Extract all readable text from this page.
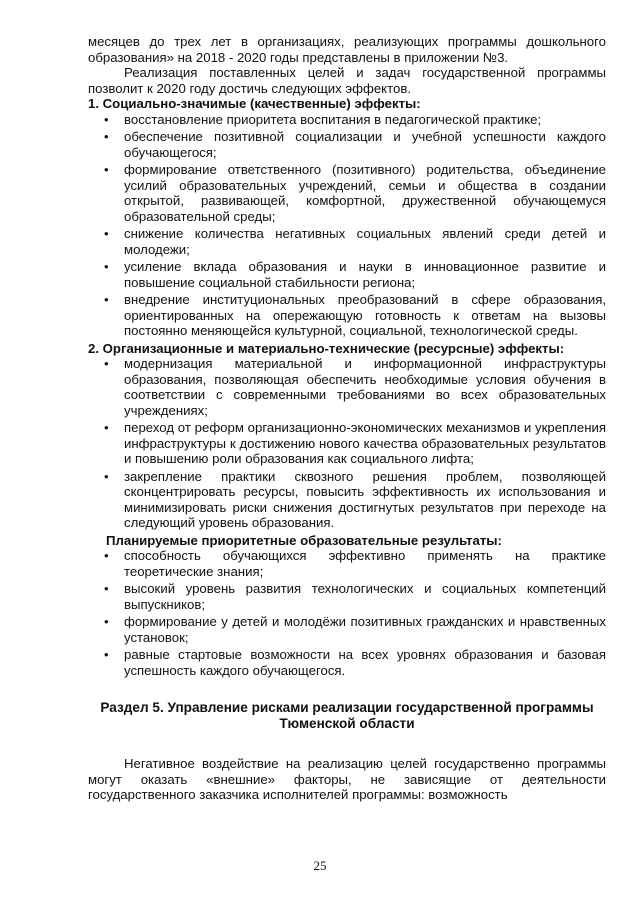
месяцев до трех лет в организациях, реализующих программы дошкольного образования» на 2018 - 2020 годы представлены в приложении №3.

Реализация поставленных целей и задач государственной программы позволит к 2020 году достичь следующих эффектов.

1. Социально-значимые (качественные) эффекты:

• восстановление приоритета воспитания в педагогической практике;
• обеспечение позитивной социализации и учебной успешности каждого обучающегося;
• формирование ответственного (позитивного) родительства, объединение усилий образовательных учреждений, семьи и общества в создании открытой, развивающей, комфортной, дружественной обучающемуся образовательной среды;
• снижение количества негативных социальных явлений среди детей и молодежи;
• усиление вклада образования и науки в инновационное развитие и повышение социальной стабильности региона;
• внедрение институциональных преобразований в сфере образования, ориентированных на опережающую готовность к ответам на вызовы постоянно меняющейся культурной, социальной, технологической среды.

2. Организационные и материально-технические (ресурсные) эффекты:

• модернизация материальной и информационной инфраструктуры образования, позволяющая обеспечить необходимые условия обучения в соответствии с современными требованиями во всех образовательных учреждениях;
• переход от реформ организационно-экономических механизмов и укрепления инфраструктуры к достижению нового качества образовательных результатов и повышению роли образования как социального лифта;
• закрепление практики сквозного решения проблем, позволяющей сконцентрировать ресурсы, повысить эффективность их использования и минимизировать риски снижения достигнутых результатов при переходе на следующий уровень образования.

Планируемые приоритетные образовательные результаты:

• способность обучающихся эффективно применять на практике теоретические знания;
• высокий уровень развития технологических и социальных компетенций выпускников;
• формирование у детей и молодёжи позитивных гражданских и нравственных установок;
• равные стартовые возможности на всех уровнях образования и базовая успешность каждого обучающегося.

Раздел 5. Управление рисками реализации государственной программы Тюменской области

Негативное воздействие на реализацию целей государственно программы могут оказать «внешние» факторы, не зависящие от деятельности государственного заказчика исполнителей программы: возможность

25
